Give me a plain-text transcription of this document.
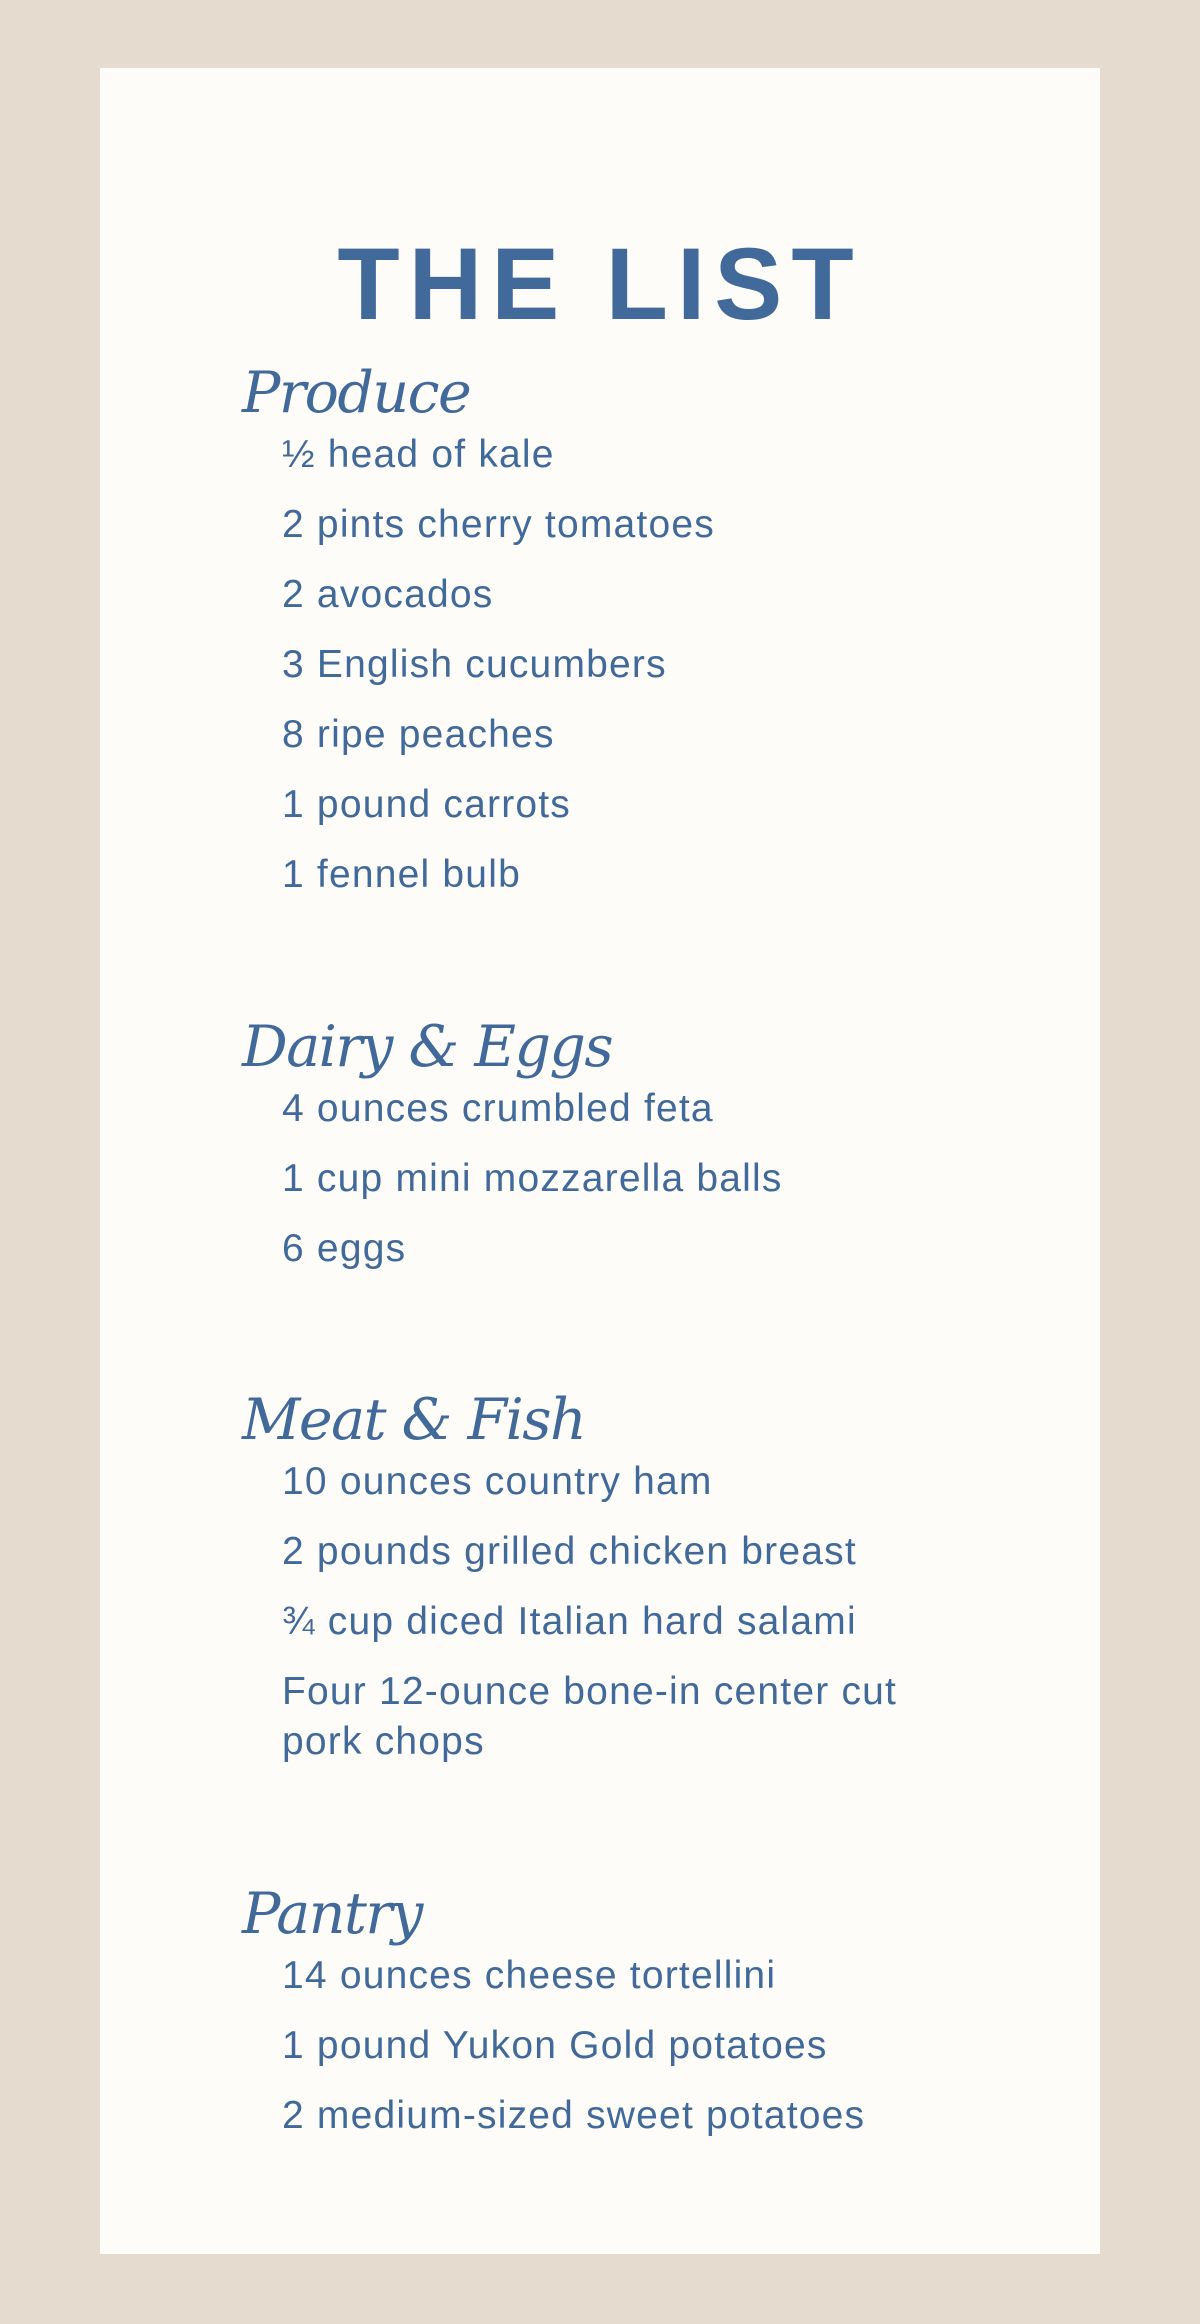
THE LIST
Produce
½ head of kale
2 pints cherry tomatoes
2 avocados
3 English cucumbers
8 ripe peaches
1 pound carrots
1 fennel bulb
Dairy & Eggs
4 ounces crumbled feta
1 cup mini mozzarella balls
6 eggs
Meat & Fish
10 ounces country ham
2 pounds grilled chicken breast
¾ cup diced Italian hard salami
Four 12-ounce bone-in center cut pork chops
Pantry
14 ounces cheese tortellini
1 pound Yukon Gold potatoes
2 medium-sized sweet potatoes
